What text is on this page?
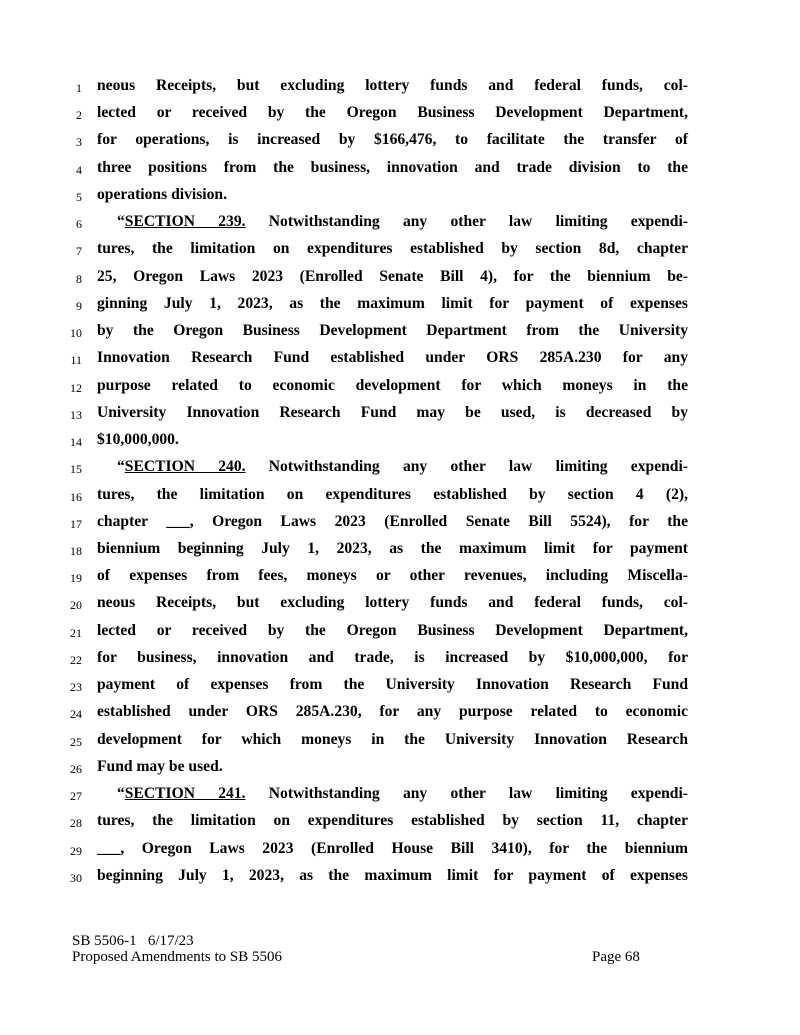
1 neous Receipts, but excluding lottery funds and federal funds, col-
2 lected or received by the Oregon Business Development Department,
3 for operations, is increased by $166,476, to facilitate the transfer of
4 three positions from the business, innovation and trade division to the
5 operations division.
6 “SECTION 239. Notwithstanding any other law limiting expendi-
7 tures, the limitation on expenditures established by section 8d, chapter
8 25, Oregon Laws 2023 (Enrolled Senate Bill 4), for the biennium be-
9 ginning July 1, 2023, as the maximum limit for payment of expenses
10 by the Oregon Business Development Department from the University
11 Innovation Research Fund established under ORS 285A.230 for any
12 purpose related to economic development for which moneys in the
13 University Innovation Research Fund may be used, is decreased by
14 $10,000,000.
15 “SECTION 240. Notwithstanding any other law limiting expendi-
16 tures, the limitation on expenditures established by section 4 (2),
17 chapter ___, Oregon Laws 2023 (Enrolled Senate Bill 5524), for the
18 biennium beginning July 1, 2023, as the maximum limit for payment
19 of expenses from fees, moneys or other revenues, including Miscella-
20 neous Receipts, but excluding lottery funds and federal funds, col-
21 lected or received by the Oregon Business Development Department,
22 for business, innovation and trade, is increased by $10,000,000, for
23 payment of expenses from the University Innovation Research Fund
24 established under ORS 285A.230, for any purpose related to economic
25 development for which moneys in the University Innovation Research
26 Fund may be used.
27 “SECTION 241. Notwithstanding any other law limiting expendi-
28 tures, the limitation on expenditures established by section 11, chapter
29 ___, Oregon Laws 2023 (Enrolled House Bill 3410), for the biennium
30 beginning July 1, 2023, as the maximum limit for payment of expenses
SB 5506-1   6/17/23
Proposed Amendments to SB 5506	Page 68
